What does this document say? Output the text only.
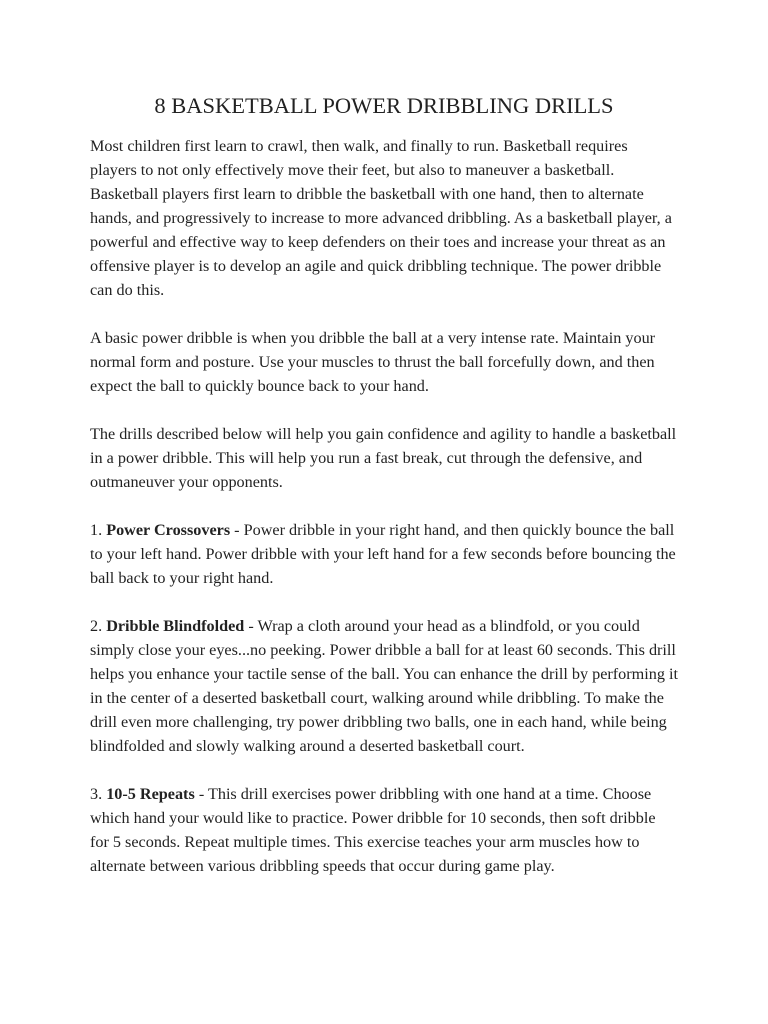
8 BASKETBALL POWER DRIBBLING DRILLS

Most children first learn to crawl, then walk, and finally to run. Basketball requires players to not only effectively move their feet, but also to maneuver a basketball. Basketball players first learn to dribble the basketball with one hand, then to alternate hands, and progressively to increase to more advanced dribbling. As a basketball player, a powerful and effective way to keep defenders on their toes and increase your threat as an offensive player is to develop an agile and quick dribbling technique. The power dribble can do this.

A basic power dribble is when you dribble the ball at a very intense rate. Maintain your normal form and posture. Use your muscles to thrust the ball forcefully down, and then expect the ball to quickly bounce back to your hand.

The drills described below will help you gain confidence and agility to handle a basketball in a power dribble. This will help you run a fast break, cut through the defensive, and outmaneuver your opponents.

1. Power Crossovers - Power dribble in your right hand, and then quickly bounce the ball to your left hand. Power dribble with your left hand for a few seconds before bouncing the ball back to your right hand.

2. Dribble Blindfolded - Wrap a cloth around your head as a blindfold, or you could simply close your eyes...no peeking. Power dribble a ball for at least 60 seconds. This drill helps you enhance your tactile sense of the ball. You can enhance the drill by performing it in the center of a deserted basketball court, walking around while dribbling. To make the drill even more challenging, try power dribbling two balls, one in each hand, while being blindfolded and slowly walking around a deserted basketball court.

3. 10-5 Repeats - This drill exercises power dribbling with one hand at a time. Choose which hand your would like to practice. Power dribble for 10 seconds, then soft dribble for 5 seconds. Repeat multiple times. This exercise teaches your arm muscles how to alternate between various dribbling speeds that occur during game play.
